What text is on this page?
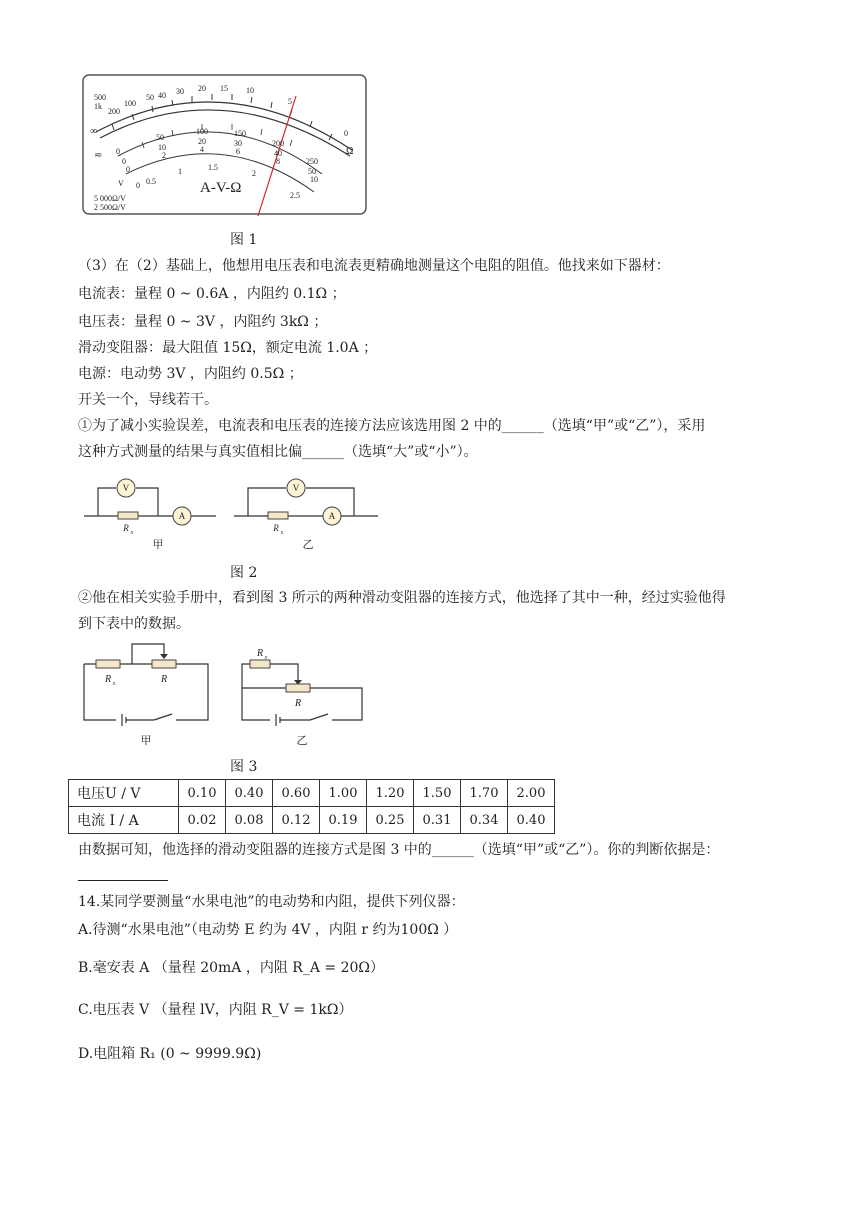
500
1k
200
100
50 40 30 20 15 10
5
0
∞
Ω
≂ 0
50
100	150
200
250
0
10
20	30
40
50
0
2
4	6
8
10
V 0 0.5
1	1.5
2
2.5
A-V-Ω
5 000Ω/V
2 500Ω/V
图 1
（3）在（2）基础上，他想用电压表和电流表更精确地测量这个电阻的阻值。他找来如下器材：
电流表：量程 0 ~ 0.6A ，内阻约 0.1Ω ；
电压表：量程 0 ~ 3V ，内阻约 3kΩ ；
滑动变阻器：最大阻值 15Ω，额定电流 1.0A ；
电源：电动势 3V ，内阻约 0.5Ω ；
开关一个，导线若干。
①为了减小实验误差，电流表和电压表的连接方法应该选用图 2 中的______（选填“甲”或“乙”），采用
这种方式测量的结果与真实值相比偏______（选填“大”或“小”）。
V
A
V
A
R x	R x
甲	乙
图 2
②他在相关实验手册中，看到图 3 所示的两种滑动变阻器的连接方式，他选择了其中一种，经过实验他得
到下表中的数据。
R x	R
R x
R
甲	乙
图 3
电压U / V	0.10	0.40	0.60	1.00	1.20	1.50	1.70	2.00
电流 I / A	0.02	0.08	0.12	0.19	0.25	0.31	0.34	0.40
由数据可知，他选择的滑动变阻器的连接方式是图 3 中的______（选填“甲”或“乙”）。你的判断依据是：
14.某同学要测量“水果电池”的电动势和内阻，提供下列仪器：
A.待测“水果电池”（电动势 E 约为 4V ，内阻 r 约为100Ω ）
B.毫安表 A （量程 20mA ，内阻 R_A = 20Ω）
C.电压表 V （量程 lV，内阻 R_V = 1kΩ）
D.电阻箱 R₁ (0 ~ 9999.9Ω)
